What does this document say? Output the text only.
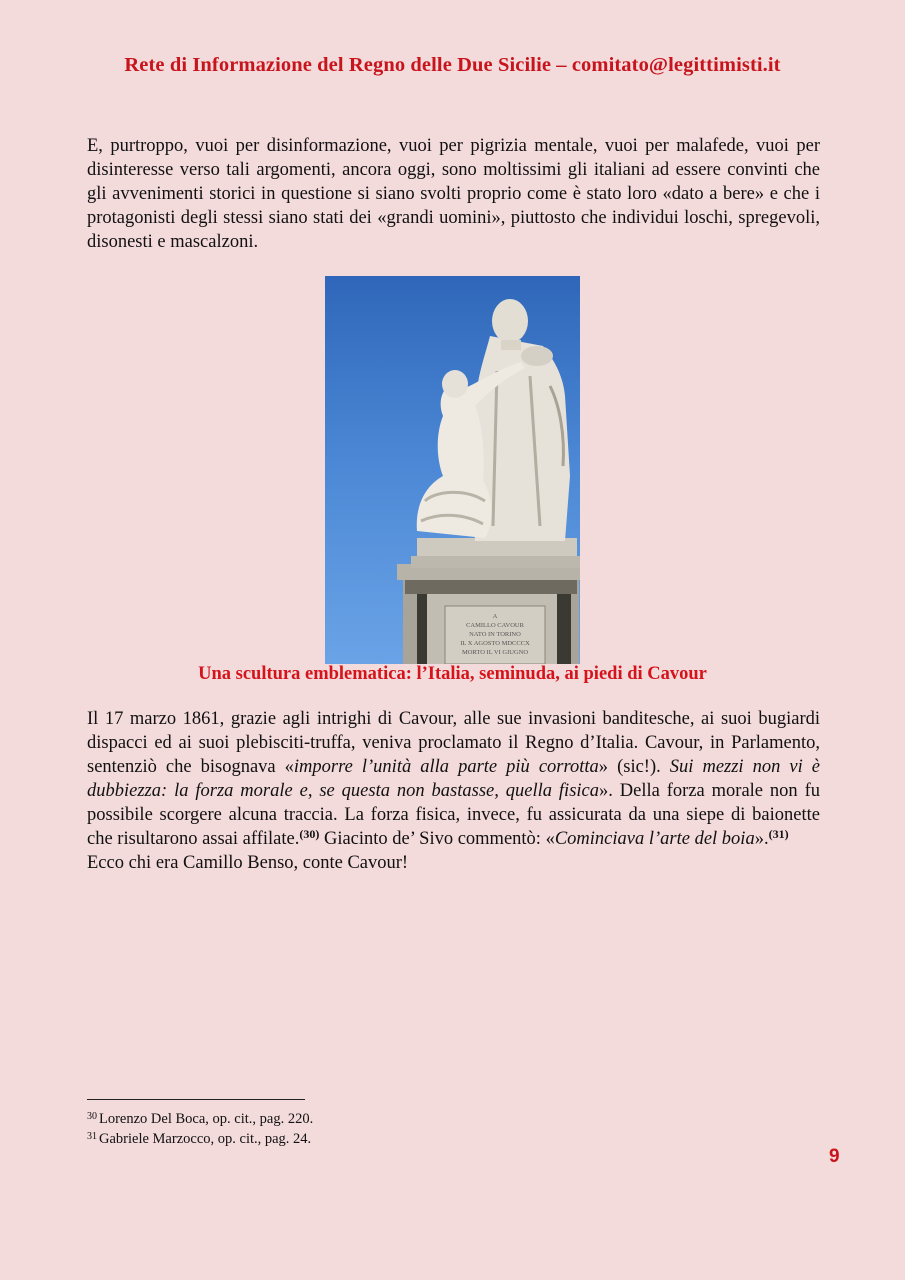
Rete di Informazione del Regno delle Due Sicilie – comitato@legittimisti.it

E, purtroppo, vuoi per disinformazione, vuoi per pigrizia mentale, vuoi per malafede, vuoi per disinteresse verso tali argomenti, ancora oggi, sono moltissimi gli italiani ad essere convinti che gli avvenimenti storici in questione si siano svolti proprio come è stato loro «dato a bere» e che i protagonisti degli stessi siano stati dei «grandi uomini», piuttosto che individui loschi, spregevoli, disonesti e mascalzoni.

A
CAMILLO CAVOUR
NATO IN TORINO
IL X AGOSTO MDCCCX
MORTO IL VI GIUGNO
Una scultura emblematica: l’Italia, seminuda, ai piedi di Cavour

Il 17 marzo 1861, grazie agli intrighi di Cavour, alle sue invasioni banditesche, ai suoi bugiardi dispacci ed ai suoi plebisciti-truffa, veniva proclamato il Regno d’Italia. Cavour, in Parlamento, sentenziò che bisognava «imporre l’unità alla parte più corrotta» (sic!). Sui mezzi non vi è dubbiezza: la forza morale e, se questa non bastasse, quella fisica». Della forza morale non fu possibile scorgere alcuna traccia. La forza fisica, invece, fu assicurata da una siepe di baionette che risultarono assai affilate.$^{(30)}$ Giacinto de’ Sivo commentò: «Cominciava l’arte del boia».$^{(31)}$
Ecco chi era Camillo Benso, conte Cavour!

$^{30}$ Lorenzo Del Boca, op. cit., pag. 220.
$^{31}$ Gabriele Marzocco, op. cit., pag. 24.
9
